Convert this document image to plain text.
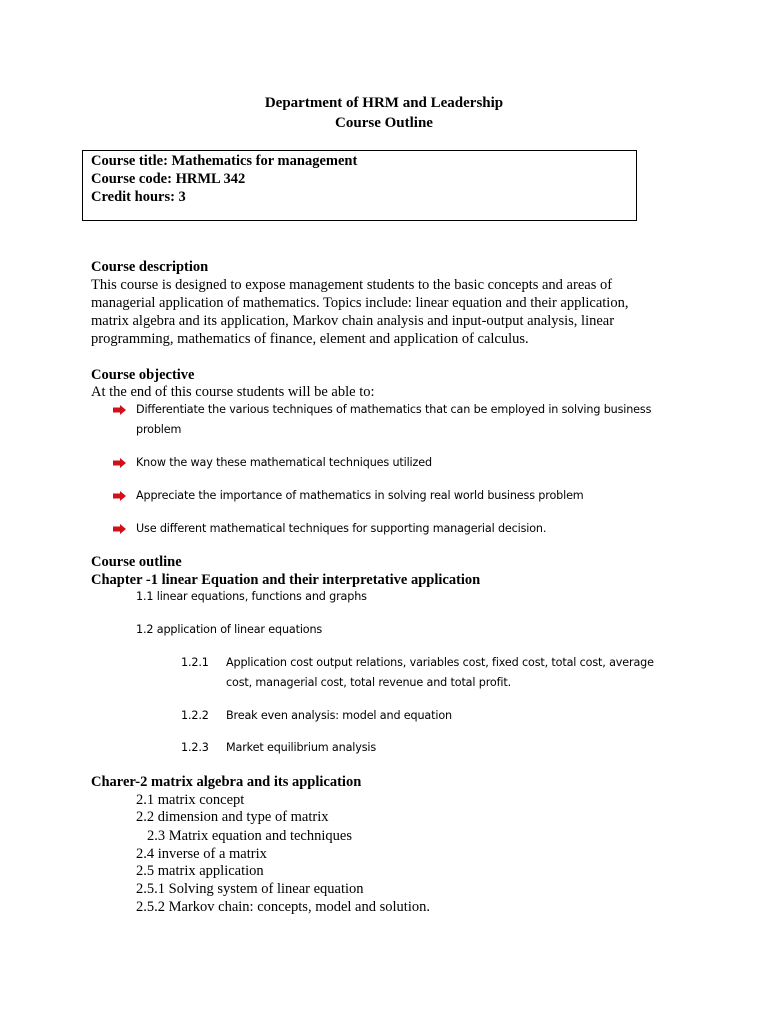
Department of HRM and Leadership
Course Outline
Course title: Mathematics for management
Course code: HRML 342
Credit hours: 3
Course description
This course is designed to expose management students to the basic concepts and areas of
managerial application of mathematics. Topics include: linear equation and their application,
matrix algebra and its application, Markov chain analysis and input-output analysis, linear
programming, mathematics of finance, element and application of calculus.
Course objective
At the end of this course students will be able to:
Differentiate the various techniques of mathematics that can be employed in solving business
problem
Know the way these mathematical techniques utilized
Appreciate the importance of mathematics in solving real world business problem
Use different mathematical techniques for supporting managerial decision.
Course outline
Chapter -1 linear Equation and their interpretative application
1.1 linear equations, functions and graphs
1.2 application of linear equations
1.2.1 Application cost output relations, variables cost, fixed cost, total cost, average
cost, managerial cost, total revenue and total profit.
1.2.2 Break even analysis: model and equation
1.2.3 Market equilibrium analysis
Charer-2 matrix algebra and its application
2.1 matrix concept
2.2 dimension and type of matrix
2.3 Matrix equation and techniques
2.4 inverse of a matrix
2.5 matrix application
2.5.1 Solving system of linear equation
2.5.2 Markov chain: concepts, model and solution.
